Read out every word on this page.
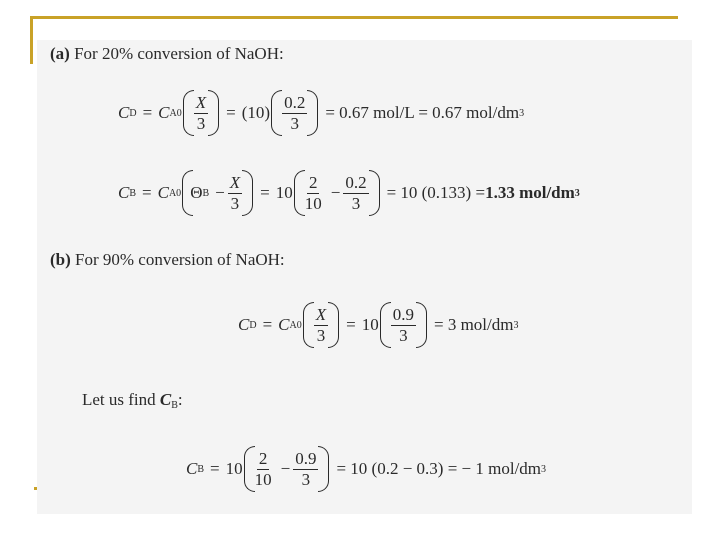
(a) For 20% conversion of NaOH:
C D = C $A0 \frac{X}{3} = (10) \frac{0.2}{3} = 0.67$ mol/L = 0.67 mol/dm 3
C B = C A0 Θ $B - \frac{X}{3} = 10 \frac{2}{10} - \frac{0.2}{3} = 10$ (0.133) = 1.33 mol/dm 3
(b) For 90% conversion of NaOH:
C D = C $A0 \frac{X}{3} = 10 \frac{0.9}{3} = 3$ mol/dm 3
Let us find $C_B$:
C $B = 10 \frac{2}{10} - \frac{0.9}{3} = 10$ (0.2 − 0.3) = − 1 mol/dm 3
